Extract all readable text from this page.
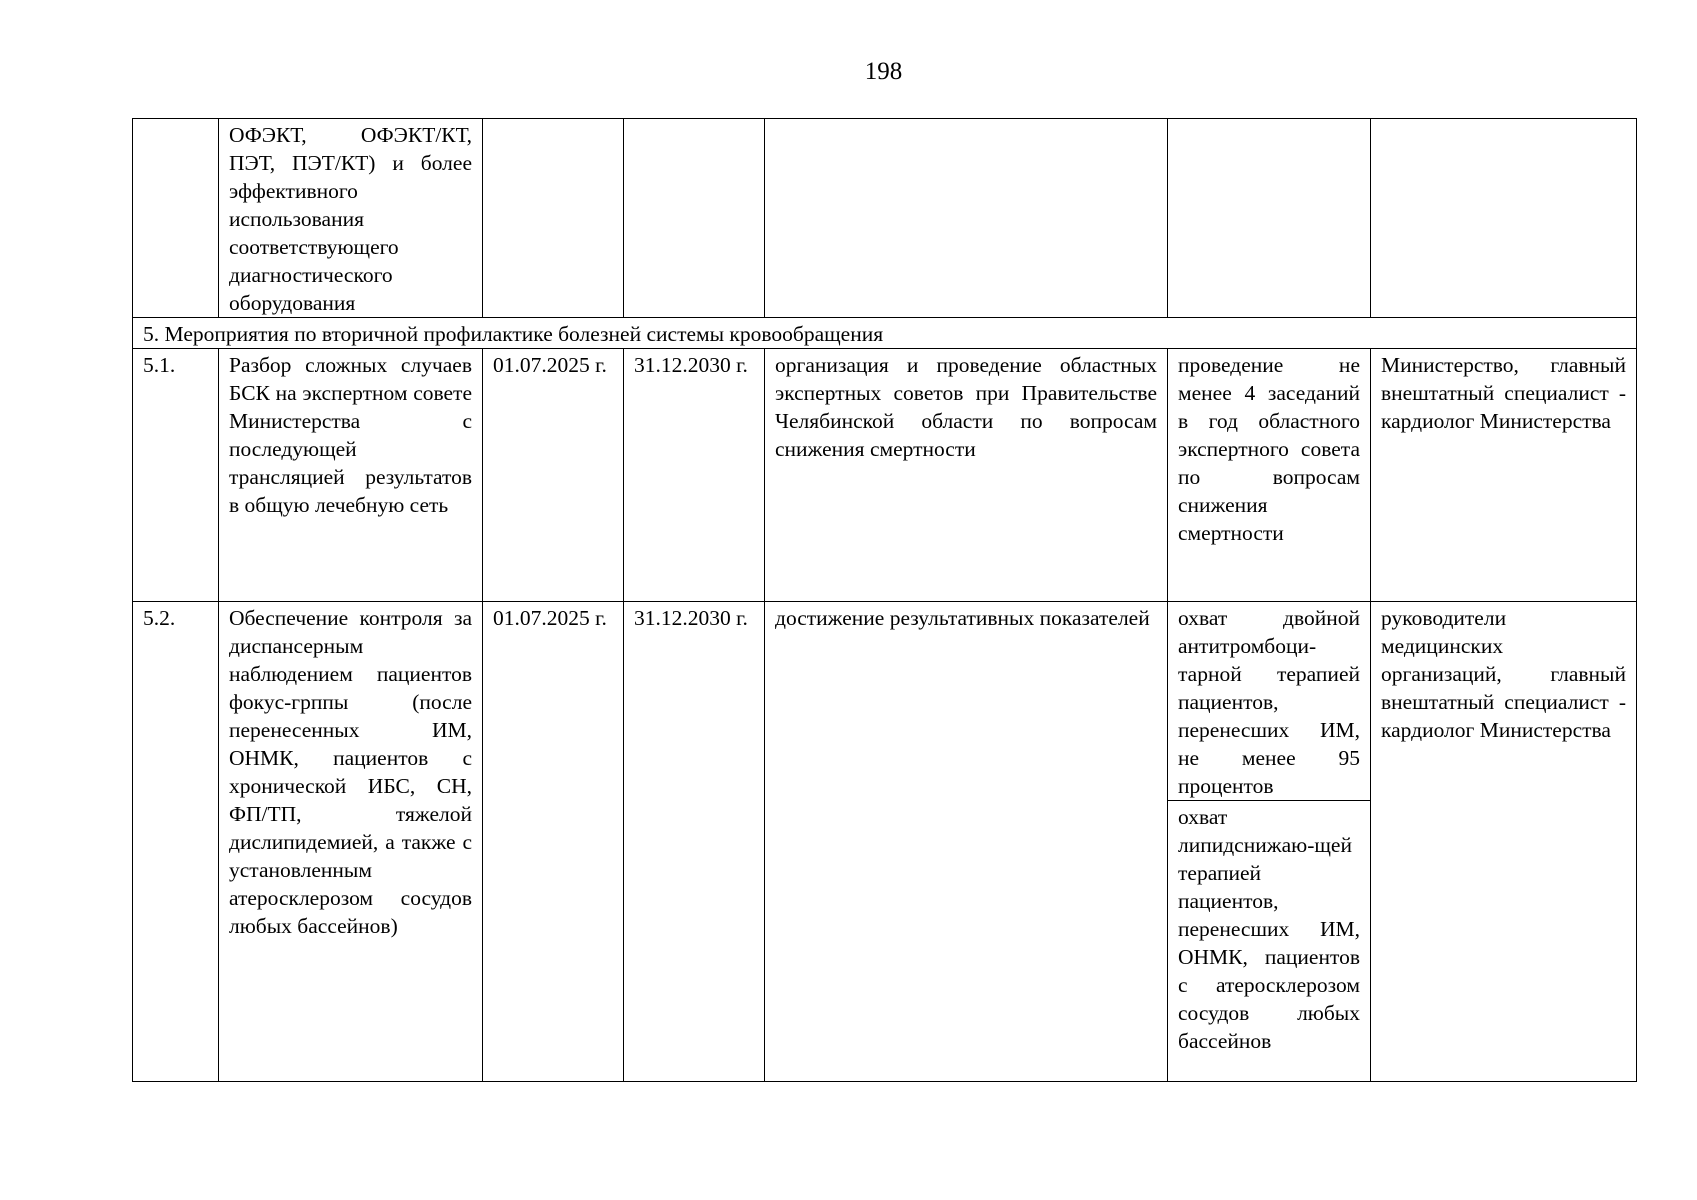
198
	ОФЭКТ, ОФЭКТ/КТ, ПЭТ, ПЭТ/КТ) и более эффективного использования соответствующего диагностического оборудования					
5. Мероприятия по вторичной профилактике болезней системы кровообращения						
5.1.	Разбор сложных случаев БСК на экспертном совете Министерства с последующей трансляцией результатов в общую лечебную сеть	01.07.2025 г.	31.12.2030 г.	организация и проведение областных экспертных советов при Правительстве Челябинской области по вопросам снижения смертности	проведение не менее 4 заседаний в год областного экспертного совета по вопросам снижения смертности	Министерство, главный внештатный специалист - кардиолог Министерства
5.2.	Обеспечение контроля за диспансерным наблюдением пациентов фокус-грппы (после перенесенных ИМ, ОНМК, пациентов с хронической ИБС, СН, ФП/ТП, тяжелой дислипидемией, а также с установленным атеросклерозом сосудов любых бассейнов)	01.07.2025 г.	31.12.2030 г.	достижение результативных показателей	охват двойной антитромбоци-тарной терапией пациентов, перенесших ИМ, не менее 95 процентов	руководители медицинских организаций, главный внештатный специалист - кардиолог Министерства
					охват липидснижаю-щей терапией пациентов, перенесших ИМ, ОНМК, пациентов с атеросклерозом сосудов любых бассейнов	
